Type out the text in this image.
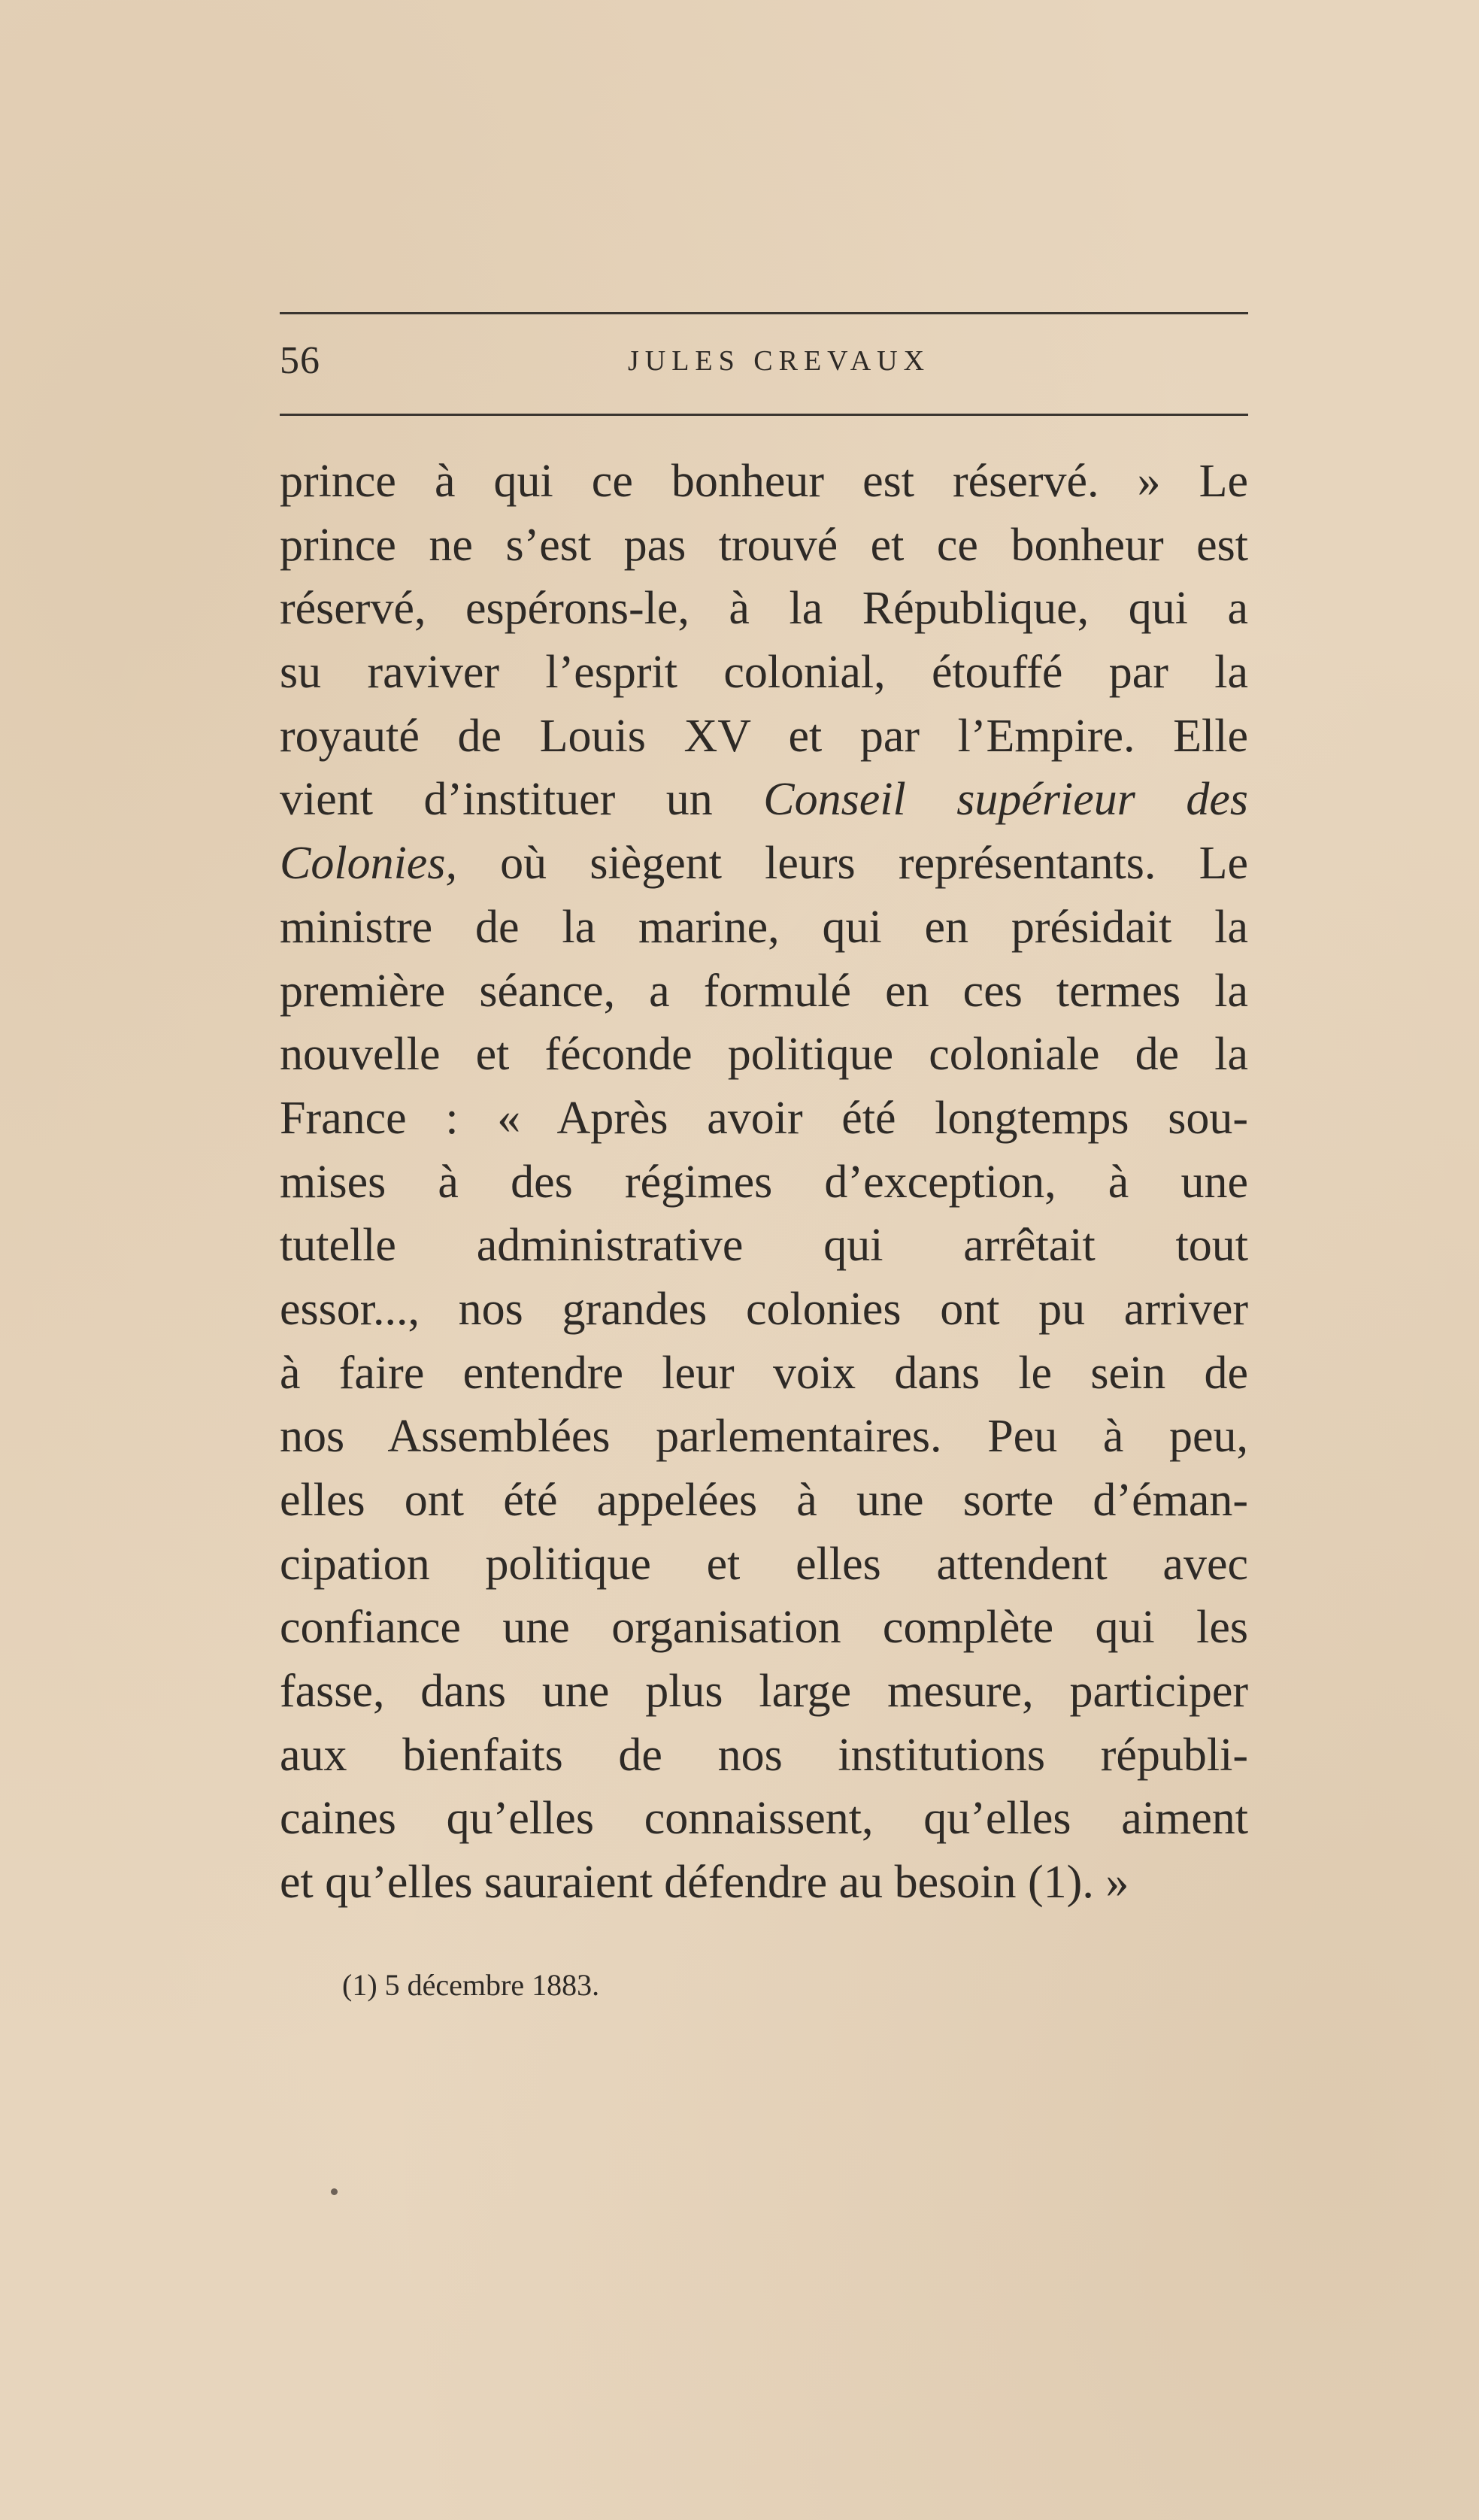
56	JULES CREVAUX
prince à qui ce bonheur est réservé. » Le
prince ne s’est pas trouvé et ce bonheur est
réservé, espérons-le, à la République, qui a
su raviver l’esprit colonial, étouffé par la
royauté de Louis XV et par l’Empire. Elle
vient d’instituer un Conseil supérieur des
Colonies, où siègent leurs représentants. Le
ministre de la marine, qui en présidait la
première séance, a formulé en ces termes la
nouvelle et féconde politique coloniale de la
France : « Après avoir été longtemps sou-
mises à des régimes d’exception, à une
tutelle administrative qui arrêtait tout
essor..., nos grandes colonies ont pu arriver
à faire entendre leur voix dans le sein de
nos Assemblées parlementaires. Peu à peu,
elles ont été appelées à une sorte d’éman-
cipation politique et elles attendent avec
confiance une organisation complète qui les
fasse, dans une plus large mesure, participer
aux bienfaits de nos institutions républi-
caines qu’elles connaissent, qu’elles aiment
et qu’elles sauraient défendre au besoin (1). »
(1) 5 décembre 1883.
